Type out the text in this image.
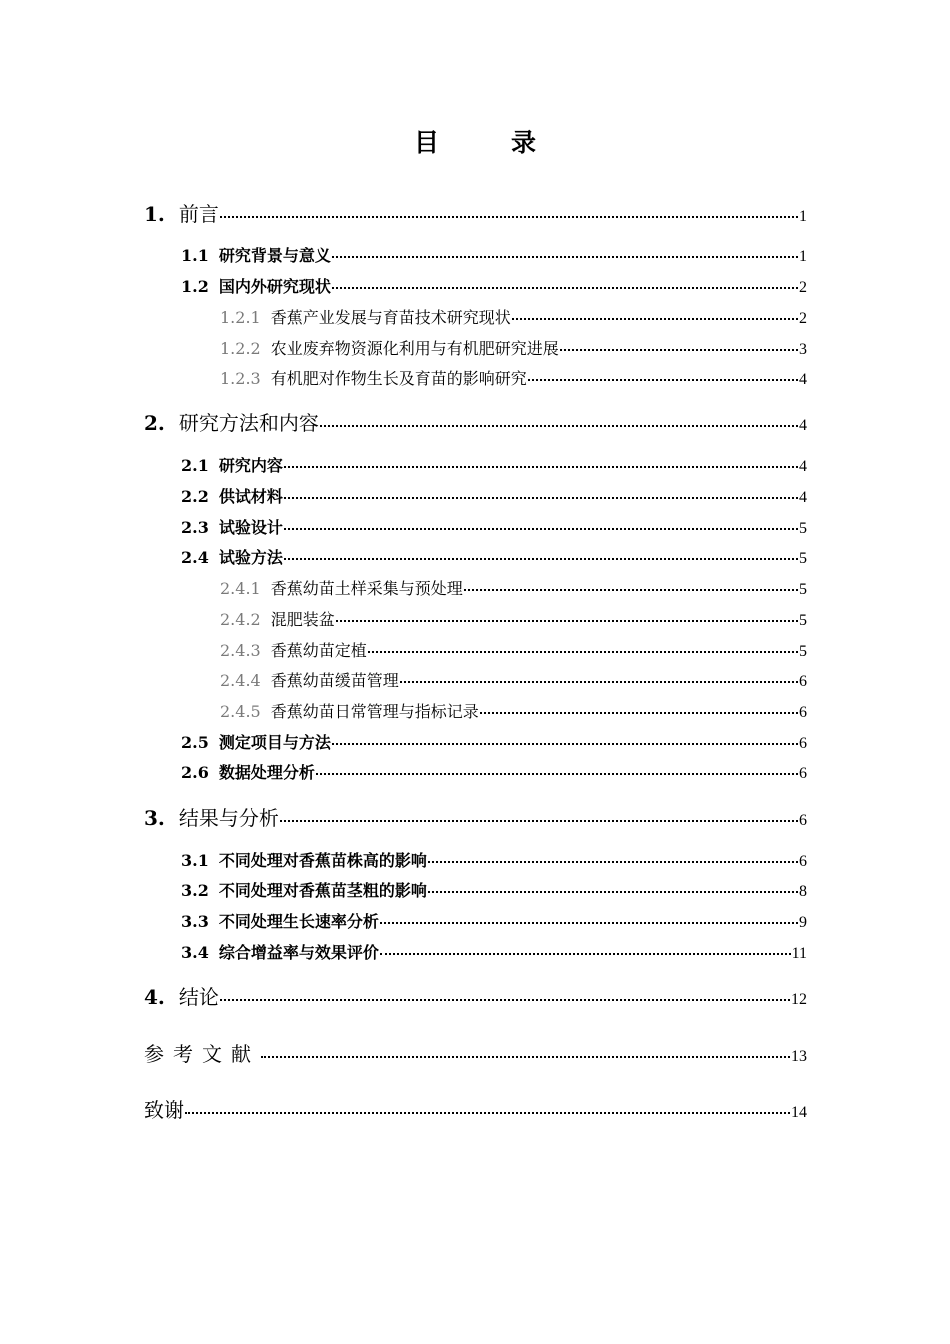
目	录
1. 前言	1
1.1 研究背景与意义	1
1.2 国内外研究现状	2
1.2.1 香蕉产业发展与育苗技术研究现状	2
1.2.2 农业废弃物资源化利用与有机肥研究进展	3
1.2.3 有机肥对作物生长及育苗的影响研究	4
2. 研究方法和内容	4
2.1 研究内容	4
2.2 供试材料	4
2.3 试验设计	5
2.4 试验方法	5
2.4.1 香蕉幼苗土样采集与预处理	5
2.4.2 混肥装盆	5
2.4.3 香蕉幼苗定植	5
2.4.4 香蕉幼苗缓苗管理	6
2.4.5 香蕉幼苗日常管理与指标记录	6
2.5 测定项目与方法	6
2.6 数据处理分析	6
3. 结果与分析	6
3.1 不同处理对香蕉苗株高的影响	6
3.2 不同处理对香蕉苗茎粗的影响	8
3.3 不同处理生长速率分析	9
3.4 综合增益率与效果评价	11
4. 结论	12
参考文献	13
致谢	14
